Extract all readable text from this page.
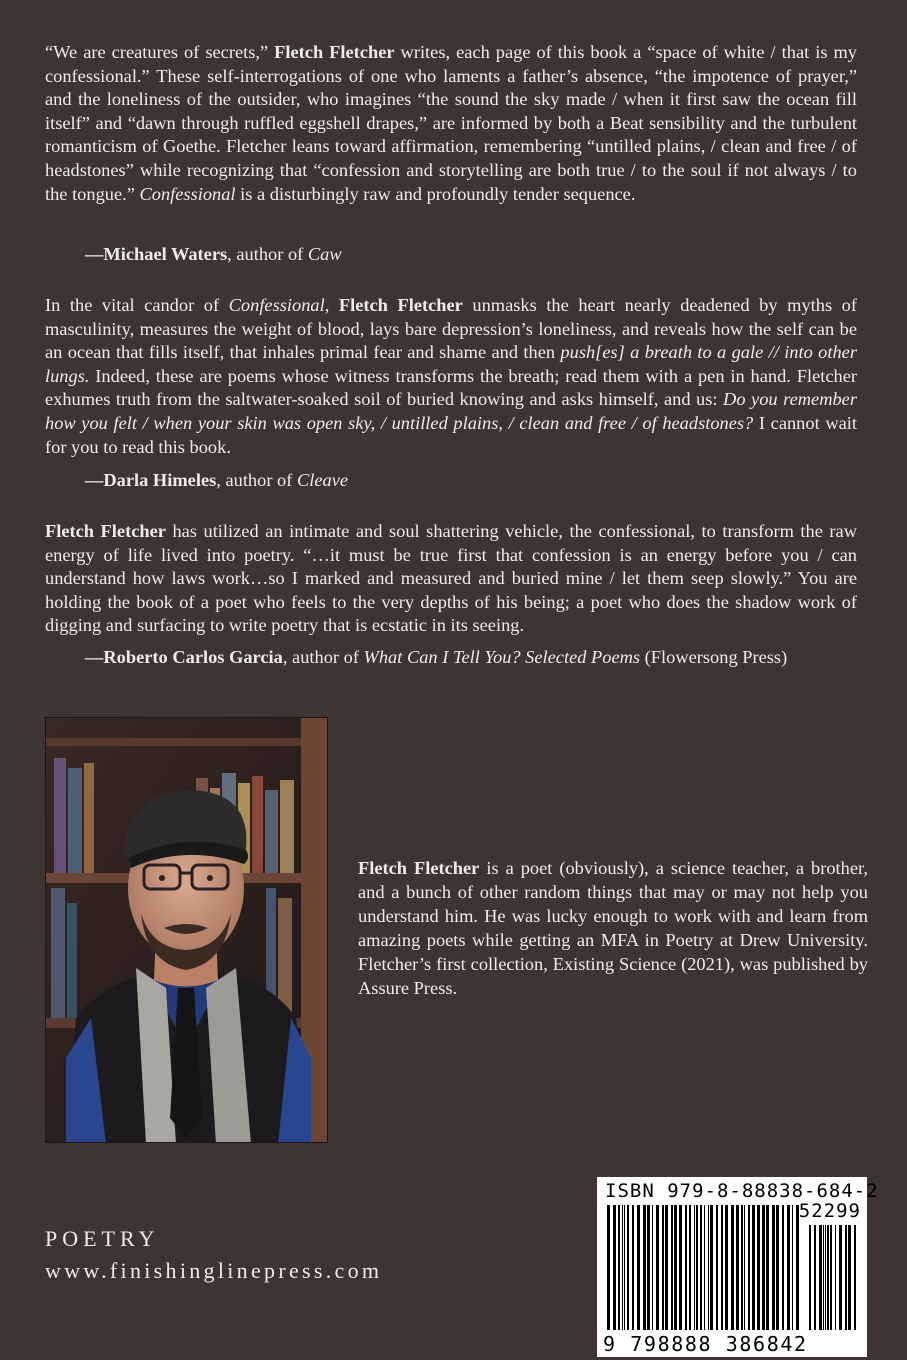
“We are creatures of secrets,” Fletch Fletcher writes, each page of this book a “space of white / that is my confessional.” These self-interrogations of one who laments a father’s absence, “the impotence of prayer,” and the loneliness of the outsider, who imagines “the sound the sky made / when it first saw the ocean fill itself” and “dawn through ruffled eggshell drapes,” are informed by both a Beat sensibility and the turbulent romanticism of Goethe. Fletcher leans toward affirmation, remembering “untilled plains, / clean and free / of headstones” while recognizing that “confession and storytelling are both true / to the soul if not always / to the tongue.” Confessional is a disturbingly raw and profoundly tender sequence.

—Michael Waters, author of Caw

In the vital candor of Confessional, Fletch Fletcher unmasks the heart nearly deadened by myths of masculinity, measures the weight of blood, lays bare depression’s loneliness, and reveals how the self can be an ocean that fills itself, that inhales primal fear and shame and then push[es] a breath to a gale // into other lungs. Indeed, these are poems whose witness transforms the breath; read them with a pen in hand. Fletcher exhumes truth from the saltwater-soaked soil of buried knowing and asks himself, and us: Do you remember how you felt / when your skin was open sky, / untilled plains, / clean and free / of headstones? I cannot wait for you to read this book.

—Darla Himeles, author of Cleave

Fletch Fletcher has utilized an intimate and soul shattering vehicle, the confessional, to transform the raw energy of life lived into poetry. “…it must be true first that confession is an energy before you / can understand how laws work…so I marked and measured and buried mine / let them seep slowly.” You are holding the book of a poet who feels to the very depths of his being; a poet who does the shadow work of digging and surfacing to write poetry that is ecstatic in its seeing.

—Roberto Carlos Garcia, author of What Can I Tell You? Selected Poems (Flowersong Press)

Fletch Fletcher is a poet (obviously), a science teacher, a brother, and a bunch of other random things that may or may not help you understand him. He was lucky enough to work with and learn from amazing poets while getting an MFA in Poetry at Drew University. Fletcher’s first collection, Existing Science (2021), was published by Assure Press.

POETRY

www.finishinglinepress.com

ISBN 979-8-88838-684-2

52299

9 798888 386842
